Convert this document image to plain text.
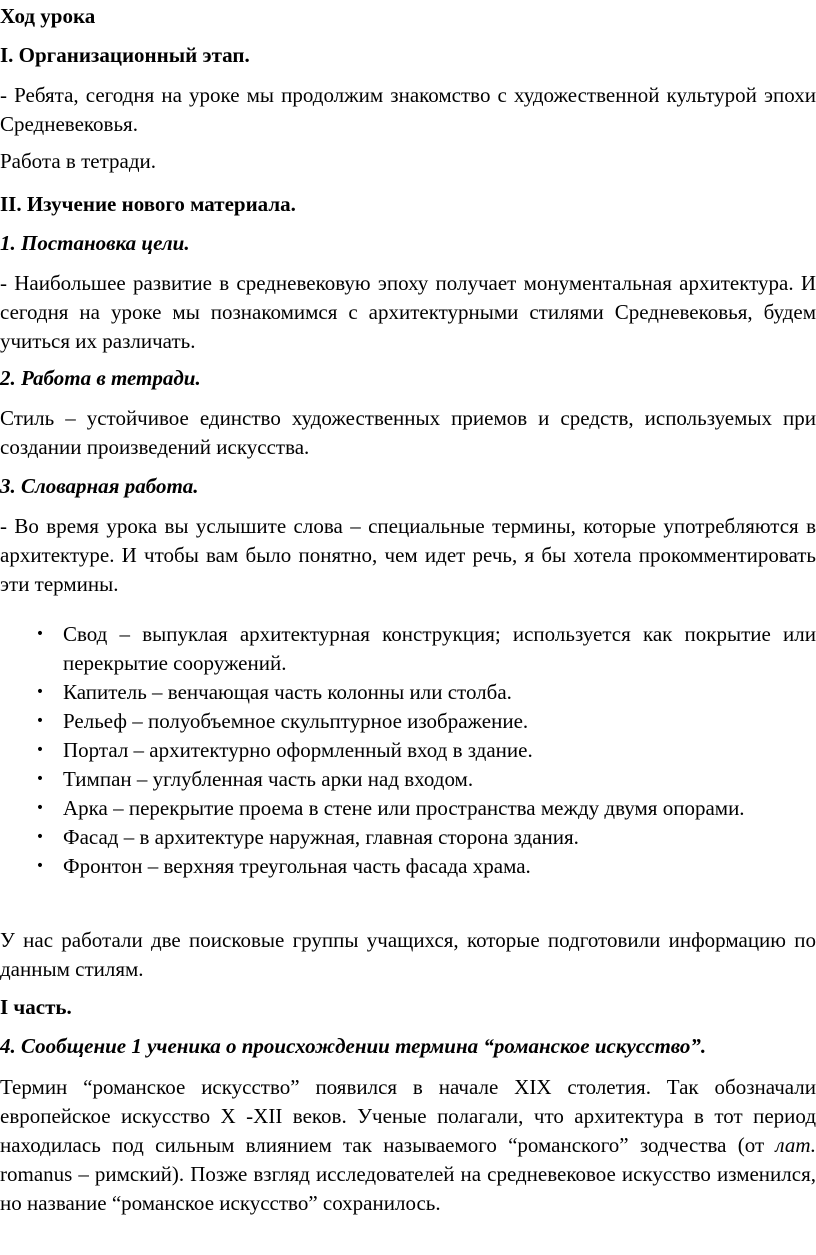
Ход урока

I. Организационный этап.

- Ребята, сегодня на уроке мы продолжим знакомство с художественной культурой эпохи Средневековья.

Работа в тетради.

II. Изучение нового материала.

1. Постановка цели.

- Наибольшее развитие в средневековую эпоху получает монументальная архитектура. И сегодня на уроке мы познакомимся с архитектурными стилями Средневековья, будем учиться их различать.

2. Работа в тетради.

Стиль – устойчивое единство художественных приемов и средств, используемых при создании произведений искусства.

3. Словарная работа.

- Во время урока вы услышите слова – специальные термины, которые употребляются в архитектуре. И чтобы вам было понятно, чем идет речь, я бы хотела прокомментировать эти термины.

• Свод – выпуклая архитектурная конструкция; используется как покрытие или перекрытие сооружений.
• Капитель – венчающая часть колонны или столба.
• Рельеф – полуобъемное скульптурное изображение.
• Портал – архитектурно оформленный вход в здание.
• Тимпан – углубленная часть арки над входом.
• Арка – перекрытие проема в стене или пространства между двумя опорами.
• Фасад – в архитектуре наружная, главная сторона здания.
• Фронтон – верхняя треугольная часть фасада храма.

У нас работали две поисковые группы учащихся, которые подготовили информацию по данным стилям.

I часть.

4. Сообщение 1 ученика о происхождении термина “романское искусство”.

Термин “романское искусство” появился в начале XIX столетия. Так обозначали европейское искусство X -XII веков. Ученые полагали, что архитектура в тот период находилась под сильным влиянием так называемого “романского” зодчества (от лат. romanus – римский). Позже взгляд исследователей на средневековое искусство изменился, но название “романское искусство” сохранилось.
